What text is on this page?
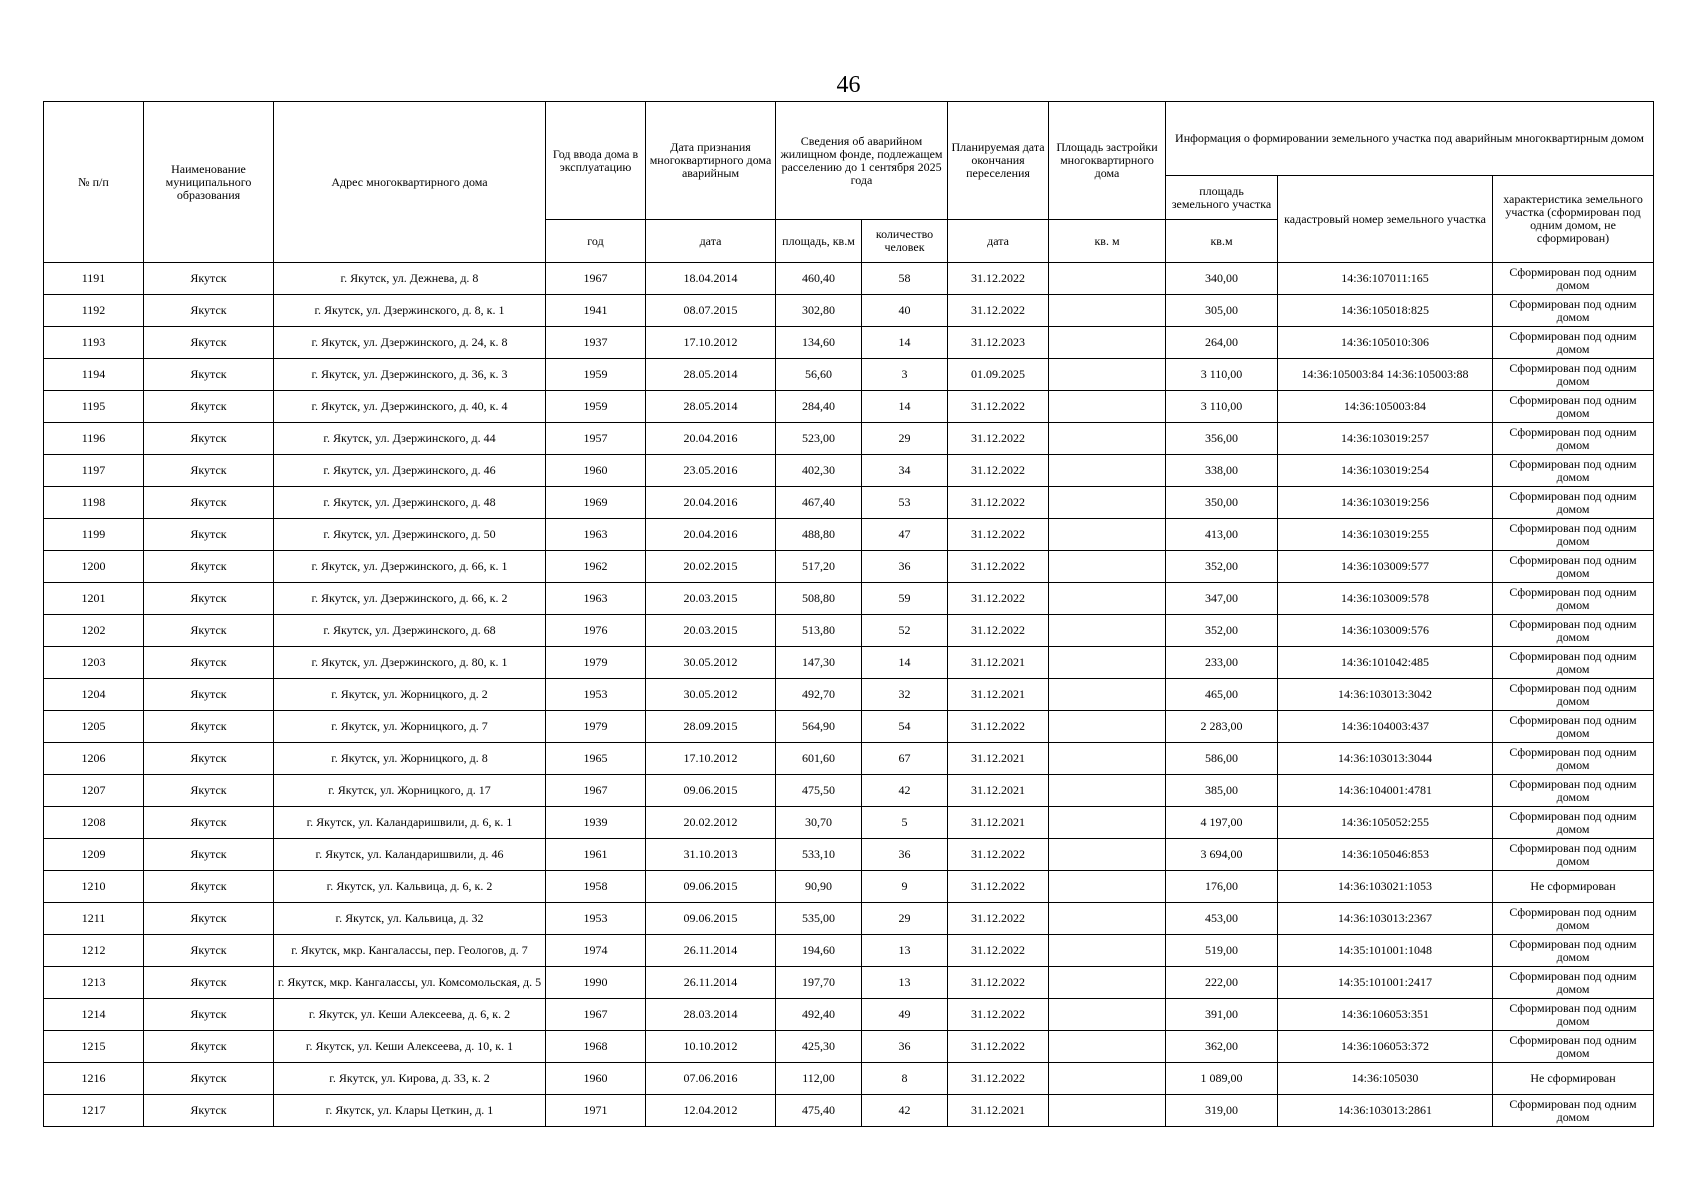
46
№ п/п	Наименование муниципального образования	Адрес многоквартирного дома	Год ввода дома в эксплуатацию	Дата признания многоквартирного дома аварийным	Сведения об аварийном жилищном фонде, подлежащем расселению до 1 сентября 2025 года		Планируемая дата окончания переселения	Площадь застройки многоквартирного дома	Информация о формировании земельного участка под аварийным многоквартирным домом		
									площадь земельного участка	кадастровый номер земельного участка	характеристика земельного участка (сформирован под одним домом, не сформирован)
			год	дата	площадь, кв.м	количество человек	дата	кв. м	кв.м		
1191	Якутск	г. Якутск, ул. Дежнева, д. 8	1967	18.04.2014	460,40	58	31.12.2022		340,00	14:36:107011:165	Сформирован под одним домом
1192	Якутск	г. Якутск, ул. Дзержинского, д. 8, к. 1	1941	08.07.2015	302,80	40	31.12.2022		305,00	14:36:105018:825	Сформирован под одним домом
1193	Якутск	г. Якутск, ул. Дзержинского, д. 24, к. 8	1937	17.10.2012	134,60	14	31.12.2023		264,00	14:36:105010:306	Сформирован под одним домом
1194	Якутск	г. Якутск, ул. Дзержинского, д. 36, к. 3	1959	28.05.2014	56,60	3	01.09.2025		3 110,00	14:36:105003:84 14:36:105003:88	Сформирован под одним домом
1195	Якутск	г. Якутск, ул. Дзержинского, д. 40, к. 4	1959	28.05.2014	284,40	14	31.12.2022		3 110,00	14:36:105003:84	Сформирован под одним домом
1196	Якутск	г. Якутск, ул. Дзержинского, д. 44	1957	20.04.2016	523,00	29	31.12.2022		356,00	14:36:103019:257	Сформирован под одним домом
1197	Якутск	г. Якутск, ул. Дзержинского, д. 46	1960	23.05.2016	402,30	34	31.12.2022		338,00	14:36:103019:254	Сформирован под одним домом
1198	Якутск	г. Якутск, ул. Дзержинского, д. 48	1969	20.04.2016	467,40	53	31.12.2022		350,00	14:36:103019:256	Сформирован под одним домом
1199	Якутск	г. Якутск, ул. Дзержинского, д. 50	1963	20.04.2016	488,80	47	31.12.2022		413,00	14:36:103019:255	Сформирован под одним домом
1200	Якутск	г. Якутск, ул. Дзержинского, д. 66, к. 1	1962	20.02.2015	517,20	36	31.12.2022		352,00	14:36:103009:577	Сформирован под одним домом
1201	Якутск	г. Якутск, ул. Дзержинского, д. 66, к. 2	1963	20.03.2015	508,80	59	31.12.2022		347,00	14:36:103009:578	Сформирован под одним домом
1202	Якутск	г. Якутск, ул. Дзержинского, д. 68	1976	20.03.2015	513,80	52	31.12.2022		352,00	14:36:103009:576	Сформирован под одним домом
1203	Якутск	г. Якутск, ул. Дзержинского, д. 80, к. 1	1979	30.05.2012	147,30	14	31.12.2021		233,00	14:36:101042:485	Сформирован под одним домом
1204	Якутск	г. Якутск, ул. Жорницкого, д. 2	1953	30.05.2012	492,70	32	31.12.2021		465,00	14:36:103013:3042	Сформирован под одним домом
1205	Якутск	г. Якутск, ул. Жорницкого, д. 7	1979	28.09.2015	564,90	54	31.12.2022		2 283,00	14:36:104003:437	Сформирован под одним домом
1206	Якутск	г. Якутск, ул. Жорницкого, д. 8	1965	17.10.2012	601,60	67	31.12.2021		586,00	14:36:103013:3044	Сформирован под одним домом
1207	Якутск	г. Якутск, ул. Жорницкого, д. 17	1967	09.06.2015	475,50	42	31.12.2021		385,00	14:36:104001:4781	Сформирован под одним домом
1208	Якутск	г. Якутск, ул. Каландаришвили, д. 6, к. 1	1939	20.02.2012	30,70	5	31.12.2021		4 197,00	14:36:105052:255	Сформирован под одним домом
1209	Якутск	г. Якутск, ул. Каландаришвили, д. 46	1961	31.10.2013	533,10	36	31.12.2022		3 694,00	14:36:105046:853	Сформирован под одним домом
1210	Якутск	г. Якутск, ул. Кальвица, д. 6, к. 2	1958	09.06.2015	90,90	9	31.12.2022		176,00	14:36:103021:1053	Не сформирован
1211	Якутск	г. Якутск, ул. Кальвица, д. 32	1953	09.06.2015	535,00	29	31.12.2022		453,00	14:36:103013:2367	Сформирован под одним домом
1212	Якутск	г. Якутск, мкр. Кангалассы, пер. Геологов, д. 7	1974	26.11.2014	194,60	13	31.12.2022		519,00	14:35:101001:1048	Сформирован под одним домом
1213	Якутск	г. Якутск, мкр. Кангаласcы, ул. Комсомольская, д. 5	1990	26.11.2014	197,70	13	31.12.2022		222,00	14:35:101001:2417	Сформирован под одним домом
1214	Якутск	г. Якутск, ул. Кеши Алексеева, д. 6, к. 2	1967	28.03.2014	492,40	49	31.12.2022		391,00	14:36:106053:351	Сформирован под одним домом
1215	Якутск	г. Якутск, ул. Кеши Алексеева, д. 10, к. 1	1968	10.10.2012	425,30	36	31.12.2022		362,00	14:36:106053:372	Сформирован под одним домом
1216	Якутск	г. Якутск, ул. Кирова, д. 33, к. 2	1960	07.06.2016	112,00	8	31.12.2022		1 089,00	14:36:105030	Не сформирован
1217	Якутск	г. Якутск, ул. Клары Цеткин, д. 1	1971	12.04.2012	475,40	42	31.12.2021		319,00	14:36:103013:2861	Сформирован под одним домом
